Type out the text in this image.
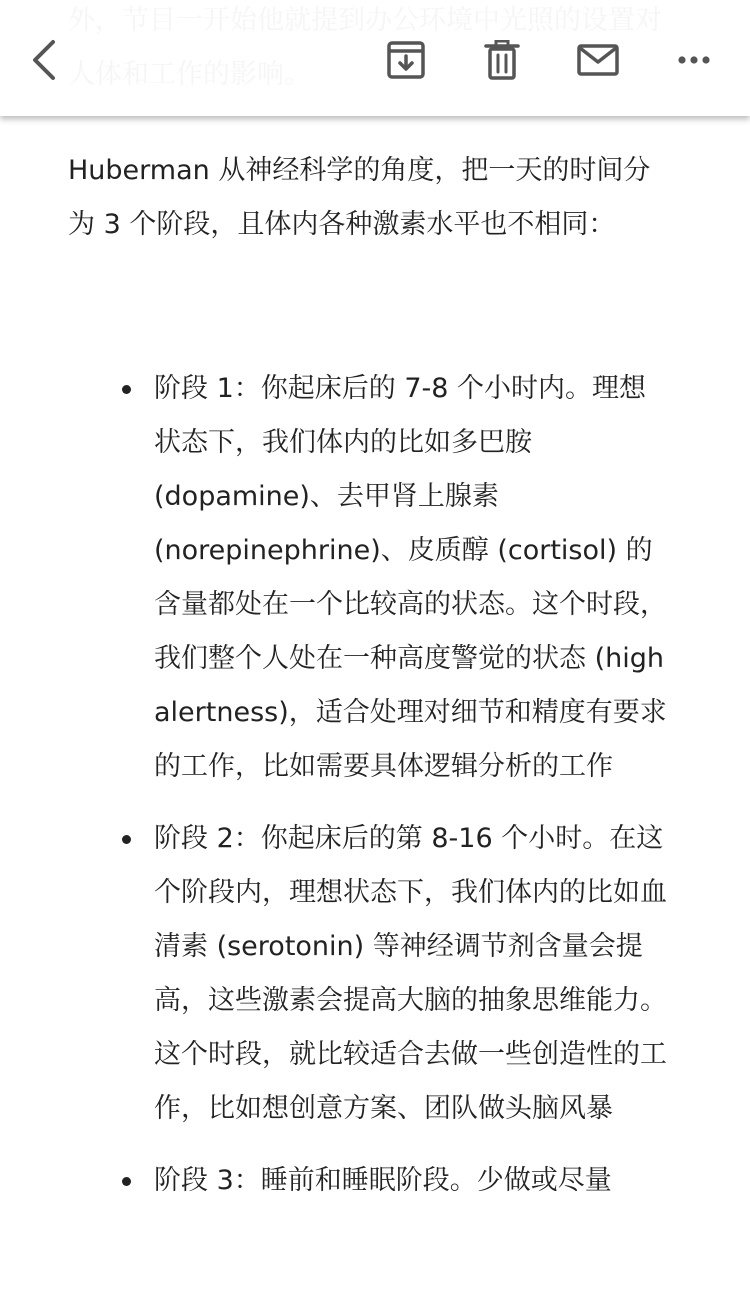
Huberman 从神经科学的角度，把一天的时间分为 3 个阶段，且体内各种激素水平也不相同：

阶段 1：你起床后的 7-8 个小时内。理想状态下，我们体内的比如多巴胺 (dopamine)、去甲肾上腺素 (norepinephrine)、皮质醇 (cortisol) 的含量都处在一个比较高的状态。这个时段，我们整个人处在一种高度警觉的状态 (high alertness)，适合处理对细节和精度有要求的工作，比如需要具体逻辑分析的工作
阶段 2：你起床后的第 8-16 个小时。在这个阶段内，理想状态下，我们体内的比如血清素 (serotonin) 等神经调节剂含量会提高，这些激素会提高大脑的抽象思维能力。这个时段，就比较适合去做一些创造性的工作，比如想创意方案、团队做头脑风暴
阶段 3：睡前和睡眠阶段。少做或尽量
